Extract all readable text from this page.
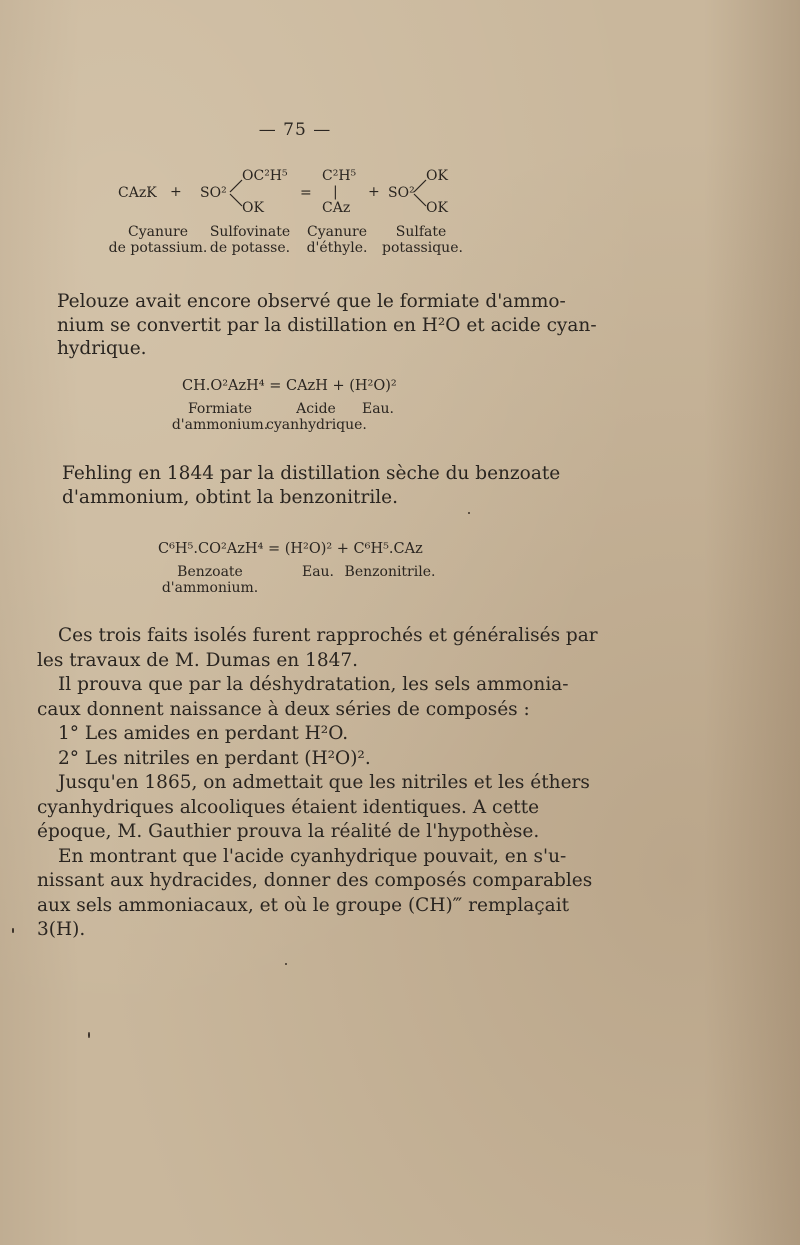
— 75 —
CAzK + SO²
OC²H⁵
OK
=
C²H⁵
|
CAz
+ SO²
OK
OK
Cyanure
de potassium.
Sulfovinate
de potasse.
Cyanure
d'éthyle.
Sulfate
potassique.
Pelouze avait encore observé que le formiate d'ammo-
nium se convertit par la distillation en H²O et acide cyan-
hydrique.
CH.O²AzH⁴ = CAzH + (H²O)²
Formiate
d'ammonium.
Acide
cyanhydrique.
Eau.
Fehling en 1844 par la distillation sèche du benzoate
d'ammonium, obtint la benzonitrile.
C⁶H⁵.CO²AzH⁴ = (H²O)² + C⁶H⁵.CAz
Benzoate
d'ammonium.
Eau. Benzonitrile.
Ces trois faits isolés furent rapprochés et généralisés par
les travaux de M. Dumas en 1847.
Il prouva que par la déshydratation, les sels ammonia-
caux donnent naissance à deux séries de composés :
1° Les amides en perdant H²O.
2° Les nitriles en perdant (H²O)².
Jusqu'en 1865, on admettait que les nitriles et les éthers
cyanhydriques alcooliques étaient identiques. A cette
époque, M. Gauthier prouva la réalité de l'hypothèse.
En montrant que l'acide cyanhydrique pouvait, en s'u-
nissant aux hydracides, donner des composés comparables
aux sels ammoniacaux, et où le groupe (CH)‴ remplaçait
3(H).
